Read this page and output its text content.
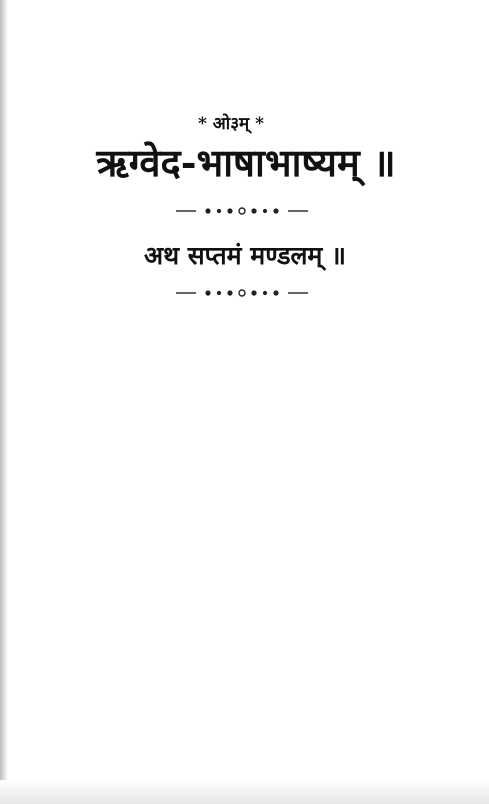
* ओ३म् *
ऋग्वेद-भाषाभाष्यम् ॥
अथ सप्तमं मण्डलम् ॥
